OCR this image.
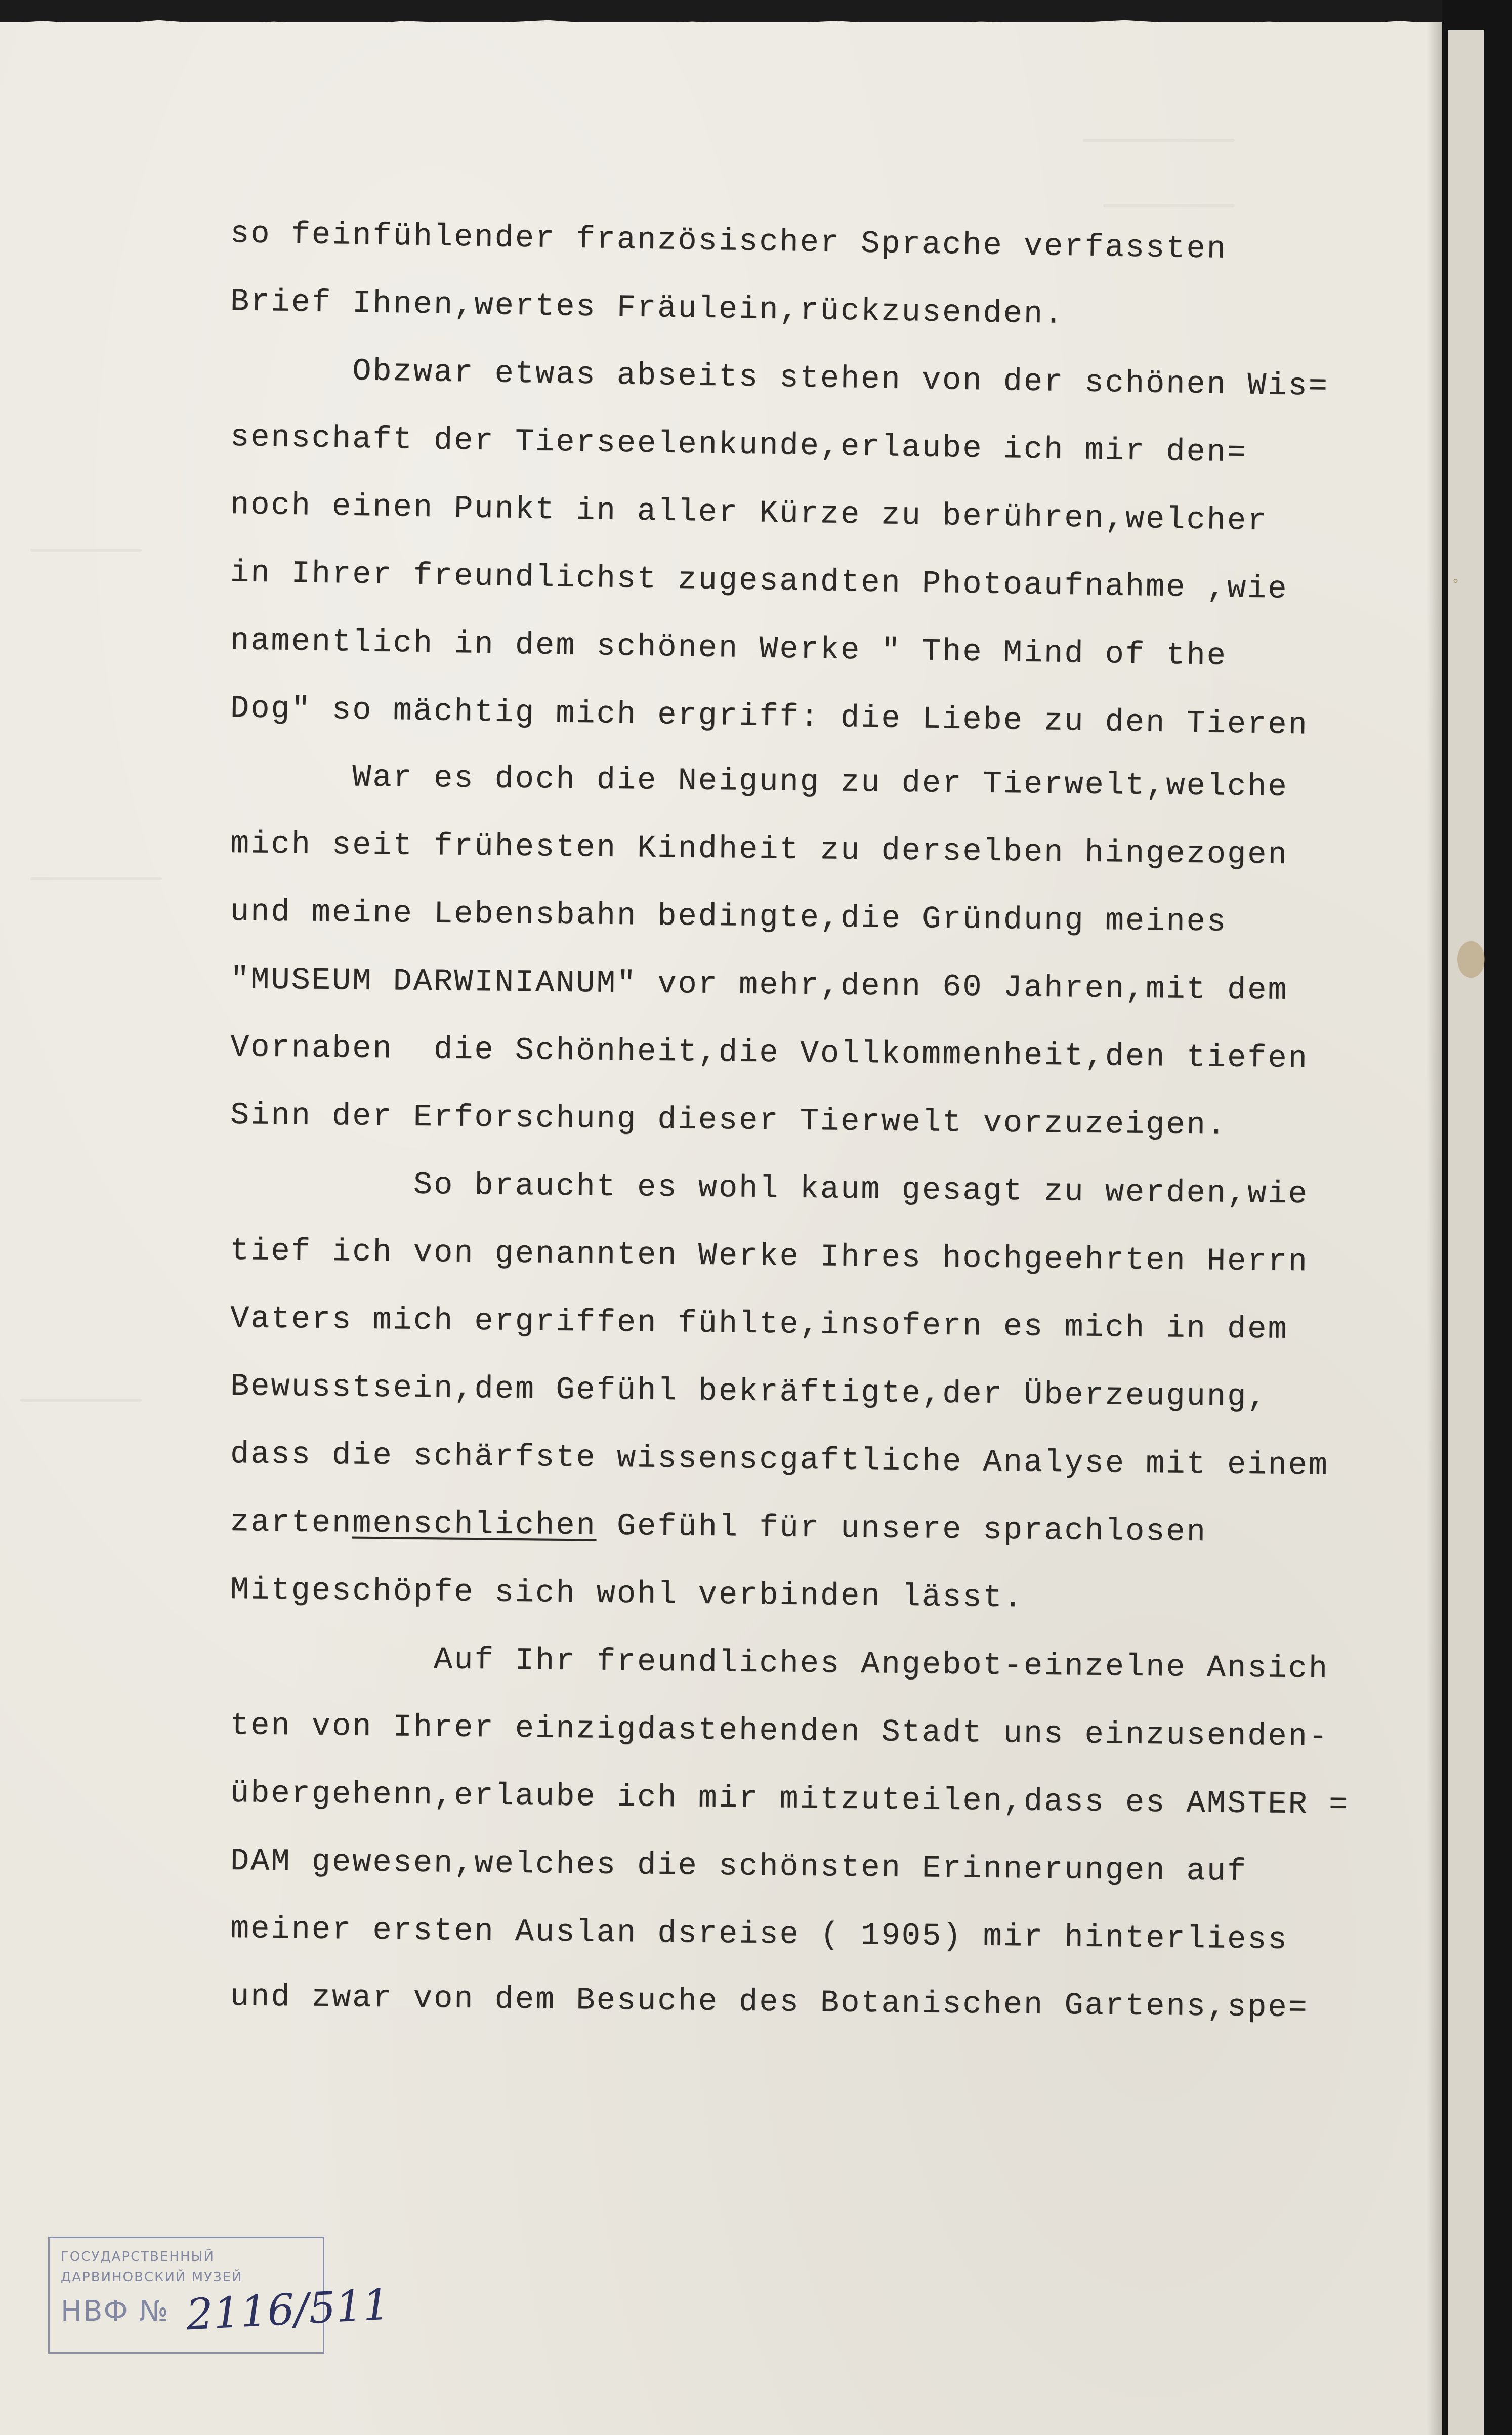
°
so feinfühlender französischer Sprache verfassten
Brief Ihnen,wertes Fräulein,rückzusenden.
Obzwar etwas abseits stehen von der schönen Wis=
senschaft der Tierseelenkunde,erlaube ich mir den=
noch einen Punkt in aller Kürze zu berühren,welcher
in Ihrer freundlichst zugesandten Photoaufnahme ,wie
namentlich in dem schönen Werke " The Mind of the
Dog" so mächtig mich ergriff: die Liebe zu den Tieren
War es doch die Neigung zu der Tierwelt,welche
mich seit frühesten Kindheit zu derselben hingezogen
und meine Lebensbahn bedingte,die Gründung meines
"MUSEUM DARWINIANUM" vor mehr,denn 60 Jahren,mit dem
Vornaben  die Schönheit,die Vollkommenheit,den tiefen
Sinn der Erforschung dieser Tierwelt vorzuzeigen.
So braucht es wohl kaum gesagt zu werden,wie
tief ich von genannten Werke Ihres hochgeehrten Herrn
Vaters mich ergriffen fühlte,insofern es mich in dem
Bewusstsein,dem Gefühl bekräftigte,der Überzeugung,
dass die schärfste wissenscgaftliche Analyse mit einem
zartenmenschlichen Gefühl für unsere sprachlosen
Mitgeschöpfe sich wohl verbinden lässt.
Auf Ihr freundliches Angebot-einzelne Ansich
ten von Ihrer einzigdastehenden Stadt uns einzusenden-
übergehenn,erlaube ich mir mitzuteilen,dass es AMSTER =
DAM gewesen,welches die schönsten Erinnerungen auf
meiner ersten Auslan dsreise ( 1905) mir hinterliess
und zwar von dem Besuche des Botanischen Gartens,spe=
ГОСУДАРСТВЕННЫЙ
ДАРВИНОВСКИЙ МУЗЕЙ
НВФ № 2116/511
